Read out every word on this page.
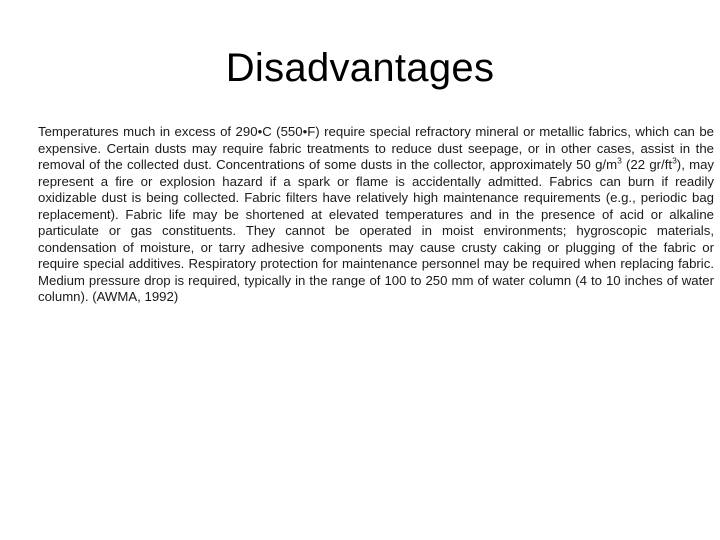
Disadvantages

Temperatures much in excess of 290•C (550•F) require special refractory mineral or metallic fabrics, which can be expensive. Certain dusts may require fabric treatments to reduce dust seepage, or in other cases, assist in the removal of the collected dust. Concentrations of some dusts in the collector, approximately 50 $g/m^3$ (22 $gr/ft^3$), may represent a fire or explosion hazard if a spark or flame is accidentally admitted. Fabrics can burn if readily oxidizable dust is being collected. Fabric filters have relatively high maintenance requirements (e.g., periodic bag replacement). Fabric life may be shortened at elevated temperatures and in the presence of acid or alkaline particulate or gas constituents. They cannot be operated in moist environments; hygroscopic materials, condensation of moisture, or tarry adhesive components may cause crusty caking or plugging of the fabric or require special additives. Respiratory protection for maintenance personnel may be required when replacing fabric. Medium pressure drop is required, typically in the range of 100 to 250 mm of water column (4 to 10 inches of water column). (AWMA, 1992)
